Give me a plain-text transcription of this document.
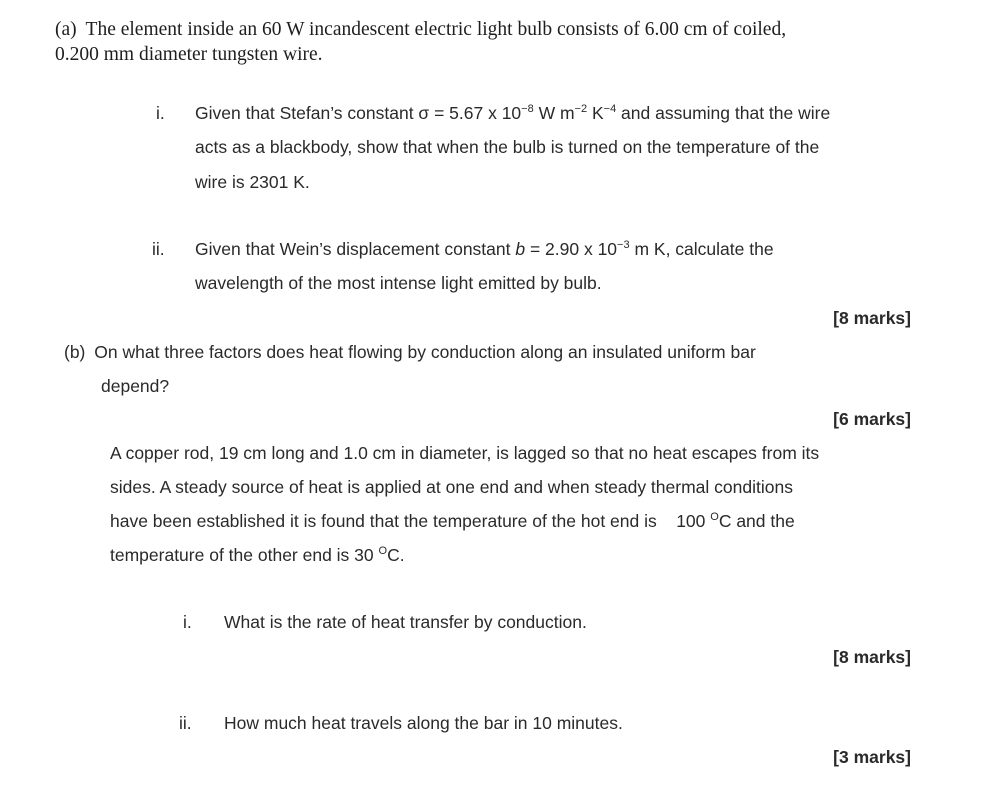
(a) The element inside an 60 W incandescent electric light bulb consists of 6.00 cm of coiled,
0.200 mm diameter tungsten wire.
i. Given that Stefan’s constant σ = 5.67 x $10^{-8}$ W $m^{-2}$ $K^{-4}$ and assuming that the wire
acts as a blackbody, show that when the bulb is turned on the temperature of the
wire is 2301 K.
ii. Given that Wein’s displacement constant b = 2.90 x $10^{-3}$ m K, calculate the
wavelength of the most intense light emitted by bulb.
[8 marks]
(b) On what three factors does heat flowing by conduction along an insulated uniform bar
depend?
[6 marks]
A copper rod, 19 cm long and 1.0 cm in diameter, is lagged so that no heat escapes from its
sides. A steady source of heat is applied at one end and when steady thermal conditions
have been established it is found that the temperature of the hot end is    100 $^O$C and the
temperature of the other end is 30 $^O$C.
i. What is the rate of heat transfer by conduction.
[8 marks]
ii. How much heat travels along the bar in 10 minutes.
[3 marks]
